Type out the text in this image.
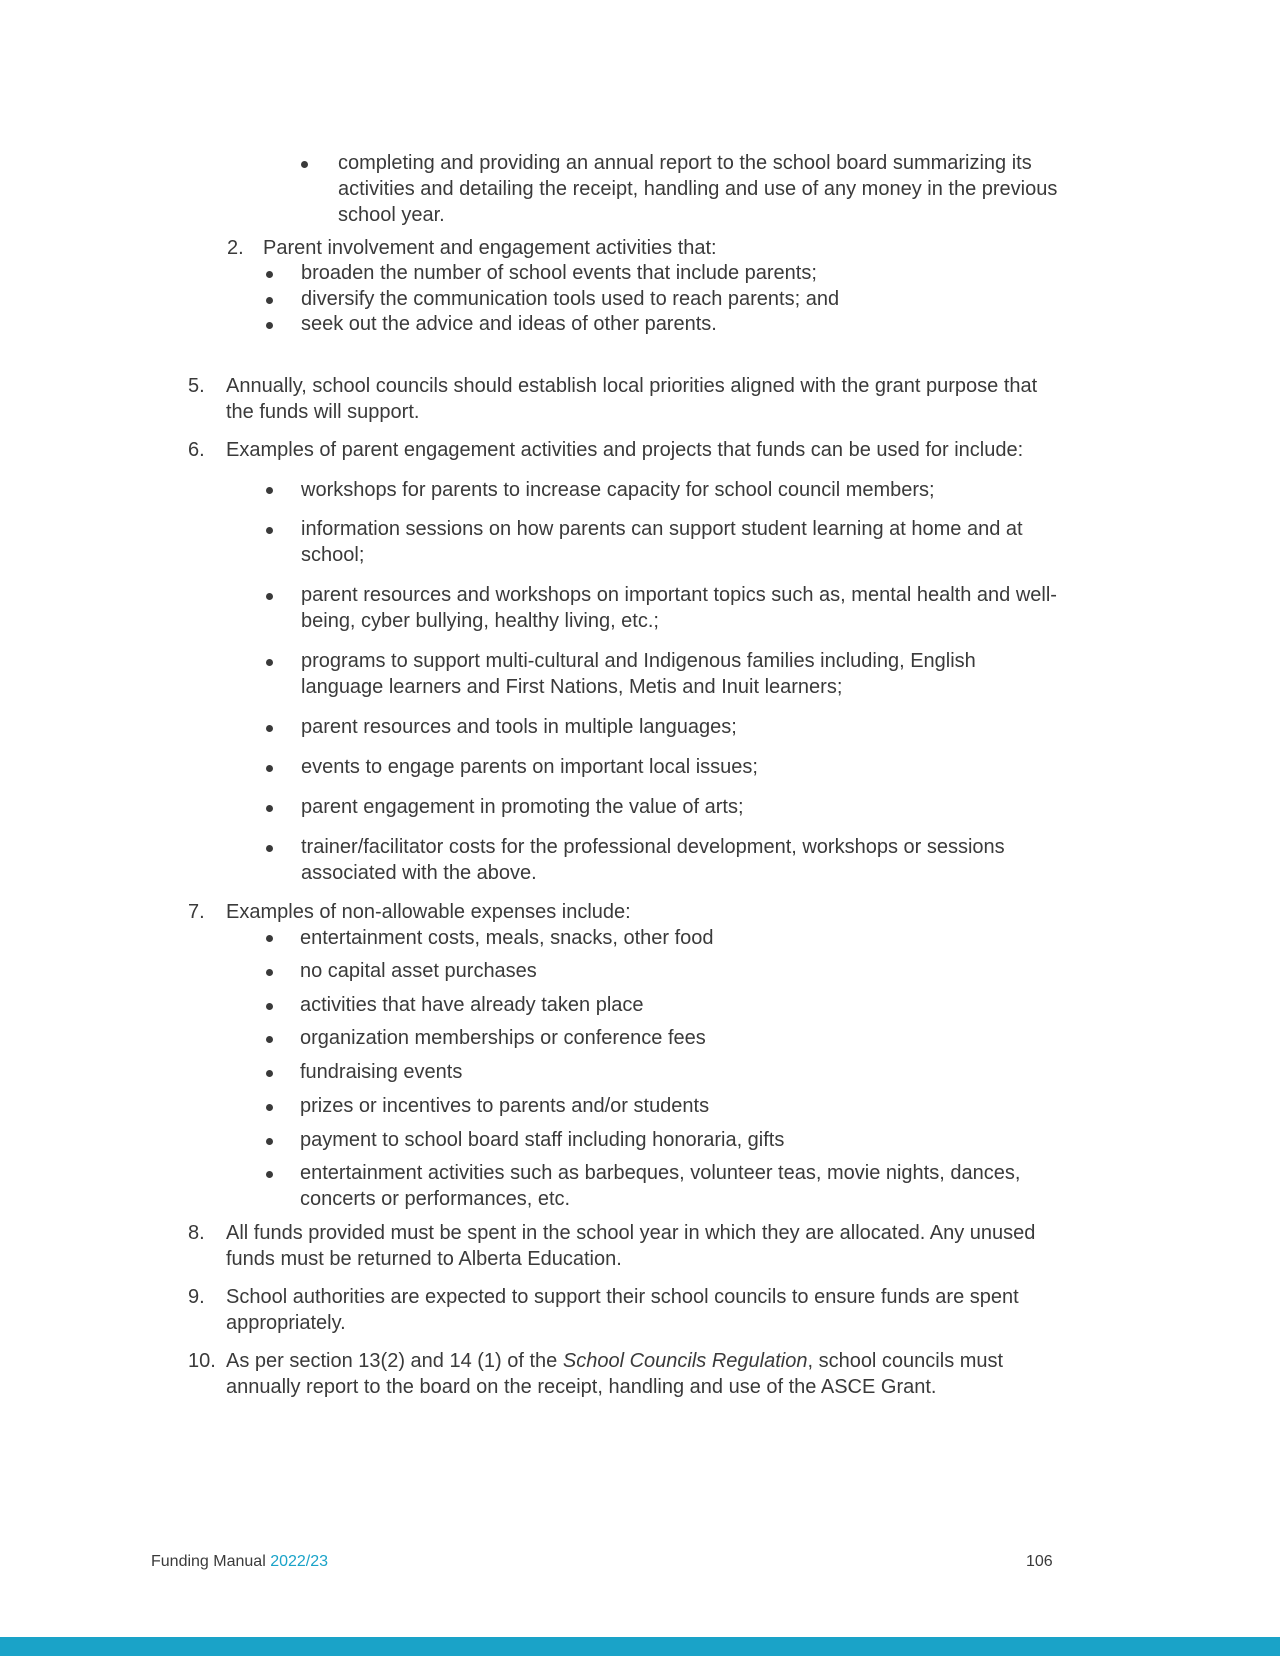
completing and providing an annual report to the school board summarizing its
activities and detailing the receipt, handling and use of any money in the previous
school year.
2. Parent involvement and engagement activities that:
broaden the number of school events that include parents;
diversify the communication tools used to reach parents; and
seek out the advice and ideas of other parents.
5. Annually, school councils should establish local priorities aligned with the grant purpose that
the funds will support.
6. Examples of parent engagement activities and projects that funds can be used for include:
workshops for parents to increase capacity for school council members;
information sessions on how parents can support student learning at home and at
school;
parent resources and workshops on important topics such as, mental health and well-
being, cyber bullying, healthy living, etc.;
programs to support multi-cultural and Indigenous families including, English
language learners and First Nations, Metis and Inuit learners;
parent resources and tools in multiple languages;
events to engage parents on important local issues;
parent engagement in promoting the value of arts;
trainer/facilitator costs for the professional development, workshops or sessions
associated with the above.
7. Examples of non-allowable expenses include:
entertainment costs, meals, snacks, other food
no capital asset purchases
activities that have already taken place
organization memberships or conference fees
fundraising events
prizes or incentives to parents and/or students
payment to school board staff including honoraria, gifts
entertainment activities such as barbeques, volunteer teas, movie nights, dances,
concerts or performances, etc.
8. All funds provided must be spent in the school year in which they are allocated. Any unused
funds must be returned to Alberta Education.
9. School authorities are expected to support their school councils to ensure funds are spent
appropriately.
10. As per section 13(2) and 14 (1) of the School Councils Regulation, school councils must
annually report to the board on the receipt, handling and use of the ASCE Grant.
Funding Manual 2022/23	106
